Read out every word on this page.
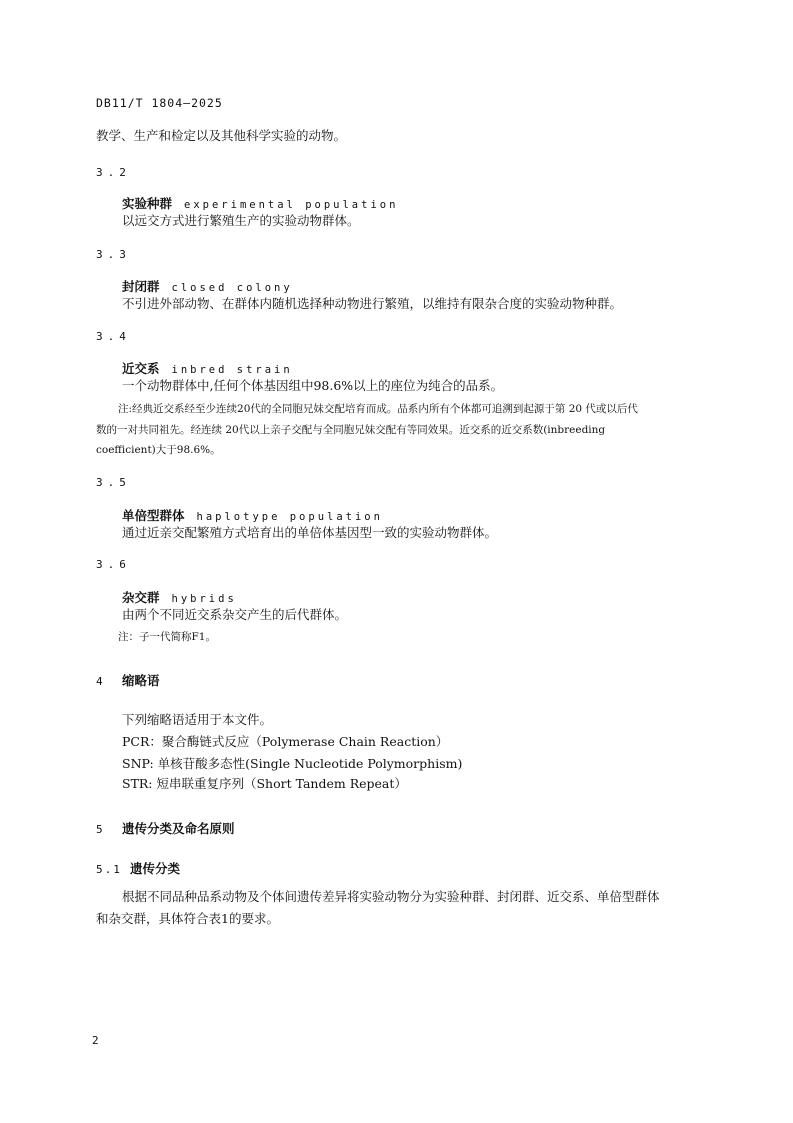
DB11/T 1804—2025
教学、生产和检定以及其他科学实验的动物。
3.2
实验种群 experimental population
以远交方式进行繁殖生产的实验动物群体。
3.3
封闭群 closed colony
不引进外部动物、在群体内随机选择种动物进行繁殖，以维持有限杂合度的实验动物种群。
3.4
近交系 inbred strain
一个动物群体中,任何个体基因组中98.6%以上的座位为纯合的品系。
注:经典近交系经至少连续20代的全同胞兄妹交配培育而成。品系内所有个体都可追溯到起源于第 20 代或以后代
数的一对共同祖先。经连续 20代以上亲子交配与全同胞兄妹交配有等同效果。近交系的近交系数(inbreeding
coefficient)大于98.6%。
3.5
单倍型群体 haplotype population
通过近亲交配繁殖方式培育出的单倍体基因型一致的实验动物群体。
3.6
杂交群 hybrids
由两个不同近交系杂交产生的后代群体。
注：子一代简称F1。
4 缩略语
下列缩略语适用于本文件。
PCR：聚合酶链式反应（Polymerase Chain Reaction）
SNP: 单核苷酸多态性(Single Nucleotide Polymorphism)
STR: 短串联重复序列（Short Tandem Repeat）
5 遗传分类及命名原则
5.1 遗传分类
根据不同品种品系动物及个体间遗传差异将实验动物分为实验种群、封闭群、近交系、单倍型群体
和杂交群，具体符合表1的要求。
2
